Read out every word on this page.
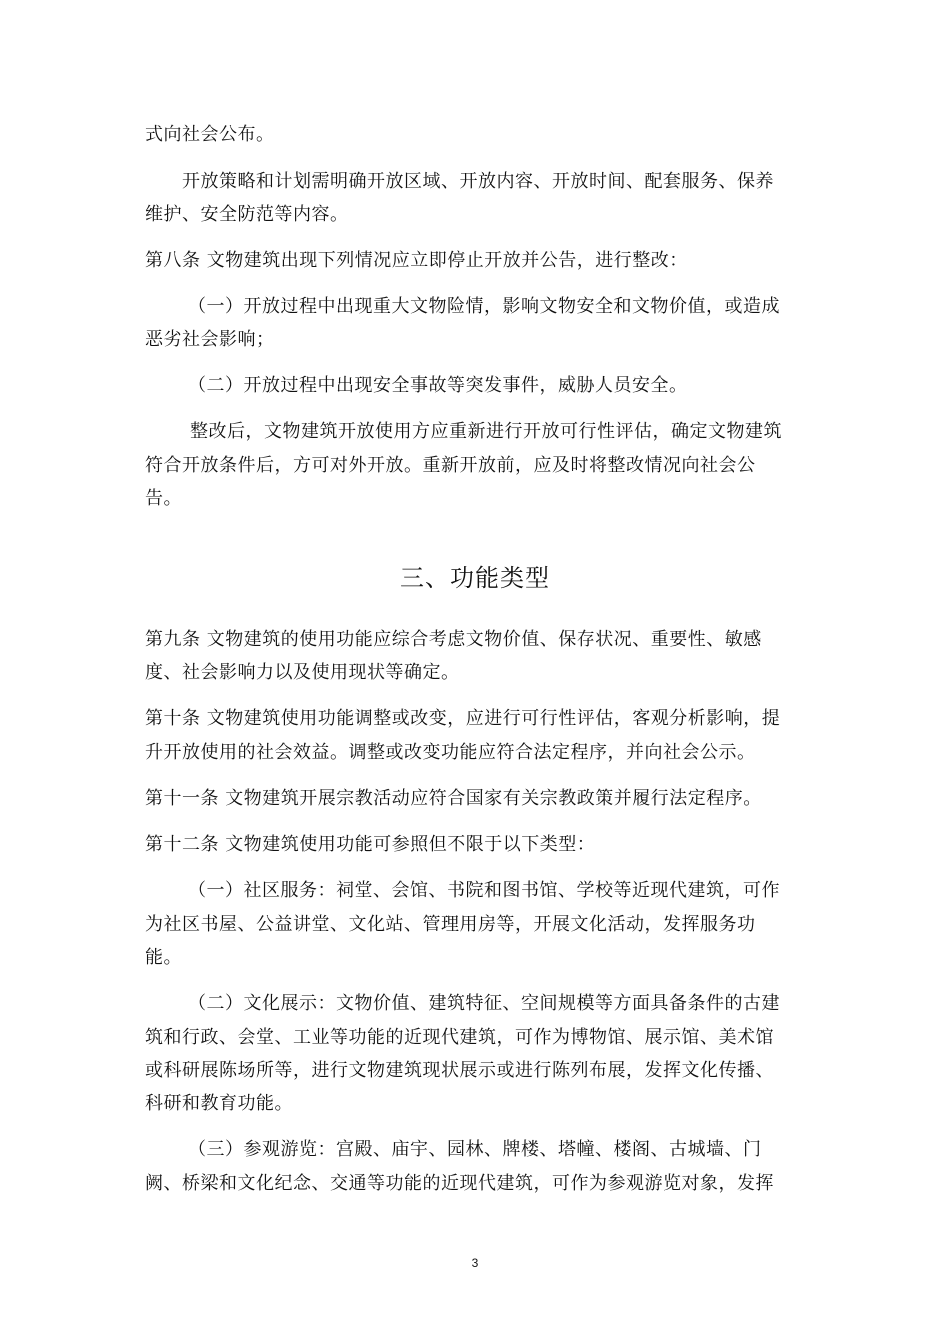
式向社会公布。
开放策略和计划需明确开放区域、开放内容、开放时间、配套服务、保养
维护、安全防范等内容。
第八条 文物建筑出现下列情况应立即停止开放并公告，进行整改：
（一）开放过程中出现重大文物险情，影响文物安全和文物价值，或造成
恶劣社会影响；
（二）开放过程中出现安全事故等突发事件，威胁人员安全。
整改后，文物建筑开放使用方应重新进行开放可行性评估，确定文物建筑
符合开放条件后，方可对外开放。重新开放前，应及时将整改情况向社会公
告。
三、功能类型
第九条 文物建筑的使用功能应综合考虑文物价值、保存状况、重要性、敏感
度、社会影响力以及使用现状等确定。
第十条 文物建筑使用功能调整或改变，应进行可行性评估，客观分析影响，提
升开放使用的社会效益。调整或改变功能应符合法定程序，并向社会公示。
第十一条 文物建筑开展宗教活动应符合国家有关宗教政策并履行法定程序。
第十二条 文物建筑使用功能可参照但不限于以下类型：
（一）社区服务：祠堂、会馆、书院和图书馆、学校等近现代建筑，可作
为社区书屋、公益讲堂、文化站、管理用房等，开展文化活动，发挥服务功
能。
（二）文化展示：文物价值、建筑特征、空间规模等方面具备条件的古建
筑和行政、会堂、工业等功能的近现代建筑，可作为博物馆、展示馆、美术馆
或科研展陈场所等，进行文物建筑现状展示或进行陈列布展，发挥文化传播、
科研和教育功能。
（三）参观游览：宫殿、庙宇、园林、牌楼、塔幢、楼阁、古城墙、门
阙、桥梁和文化纪念、交通等功能的近现代建筑，可作为参观游览对象，发挥
3
